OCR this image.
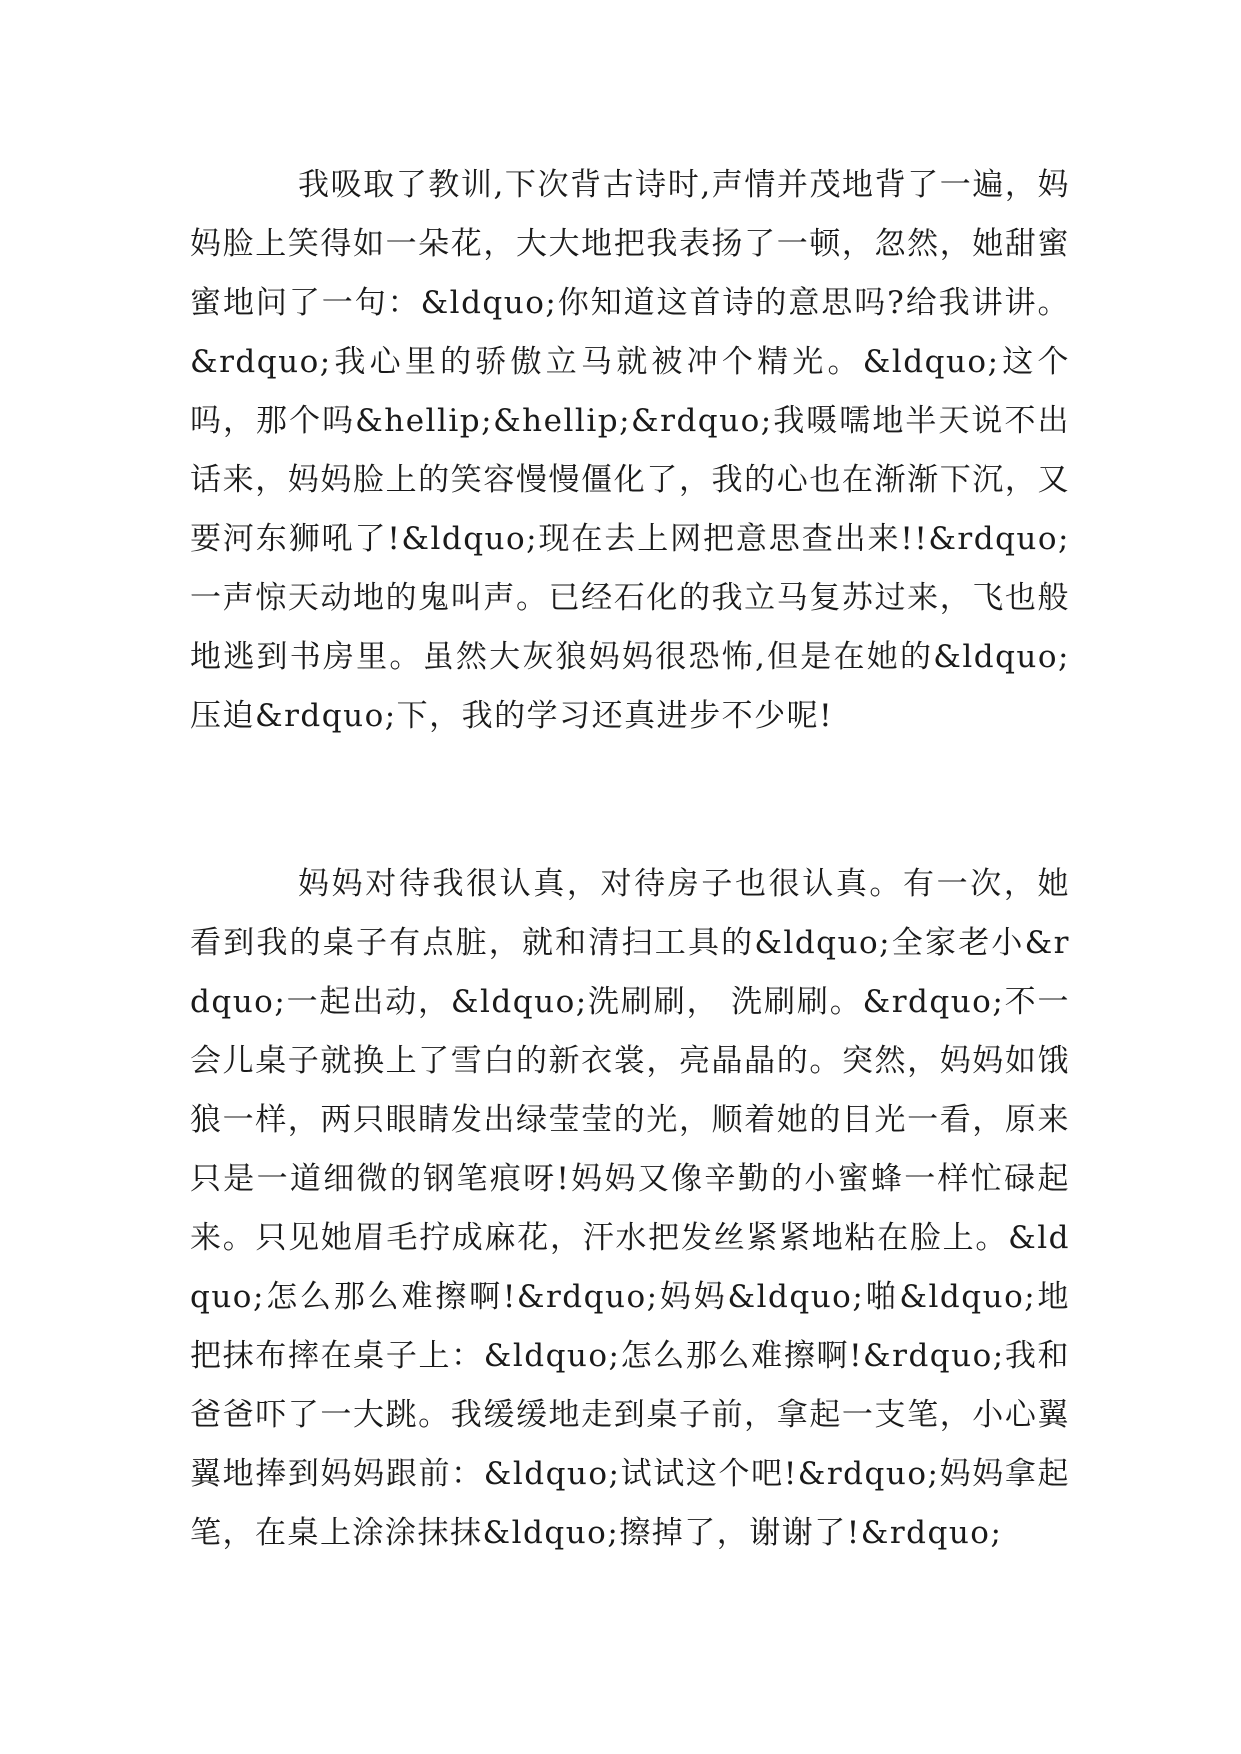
我吸取了教训,下次背古诗时,声情并茂地背了一遍，妈妈脸上笑得如一朵花，大大地把我表扬了一顿，忽然，她甜蜜蜜地问了一句：&ldquo;你知道这首诗的意思吗?给我讲讲。&rdquo;我心里的骄傲立马就被冲个精光。&ldquo;这个吗，那个吗&hellip;&hellip;&rdquo;我嗫嚅地半天说不出话来，妈妈脸上的笑容慢慢僵化了，我的心也在渐渐下沉，又要河东狮吼了!&ldquo;现在去上网把意思查出来!!&rdquo;一声惊天动地的鬼叫声。已经石化的我立马复苏过来，飞也般地逃到书房里。虽然大灰狼妈妈很恐怖,但是在她的&ldquo;压迫&rdquo;下，我的学习还真进步不少呢!

妈妈对待我很认真，对待房子也很认真。有一次，她看到我的桌子有点脏，就和清扫工具的&ldquo;全家老小&rdquo;一起出动，&ldquo;洗刷刷， 洗刷刷。&rdquo;不一会儿桌子就换上了雪白的新衣裳，亮晶晶的。突然，妈妈如饿狼一样，两只眼睛发出绿莹莹的光，顺着她的目光一看，原来只是一道细微的钢笔痕呀!妈妈又像辛勤的小蜜蜂一样忙碌起来。只见她眉毛拧成麻花，汗水把发丝紧紧地粘在脸上。&ldquo;怎么那么难擦啊!&rdquo;妈妈&ldquo;啪&ldquo;地把抹布摔在桌子上：&ldquo;怎么那么难擦啊!&rdquo;我和爸爸吓了一大跳。我缓缓地走到桌子前，拿起一支笔，小心翼翼地捧到妈妈跟前：&ldquo;试试这个吧!&rdquo;妈妈拿起笔，在桌上涂涂抹抹&ldquo;擦掉了，谢谢了!&rdquo;
